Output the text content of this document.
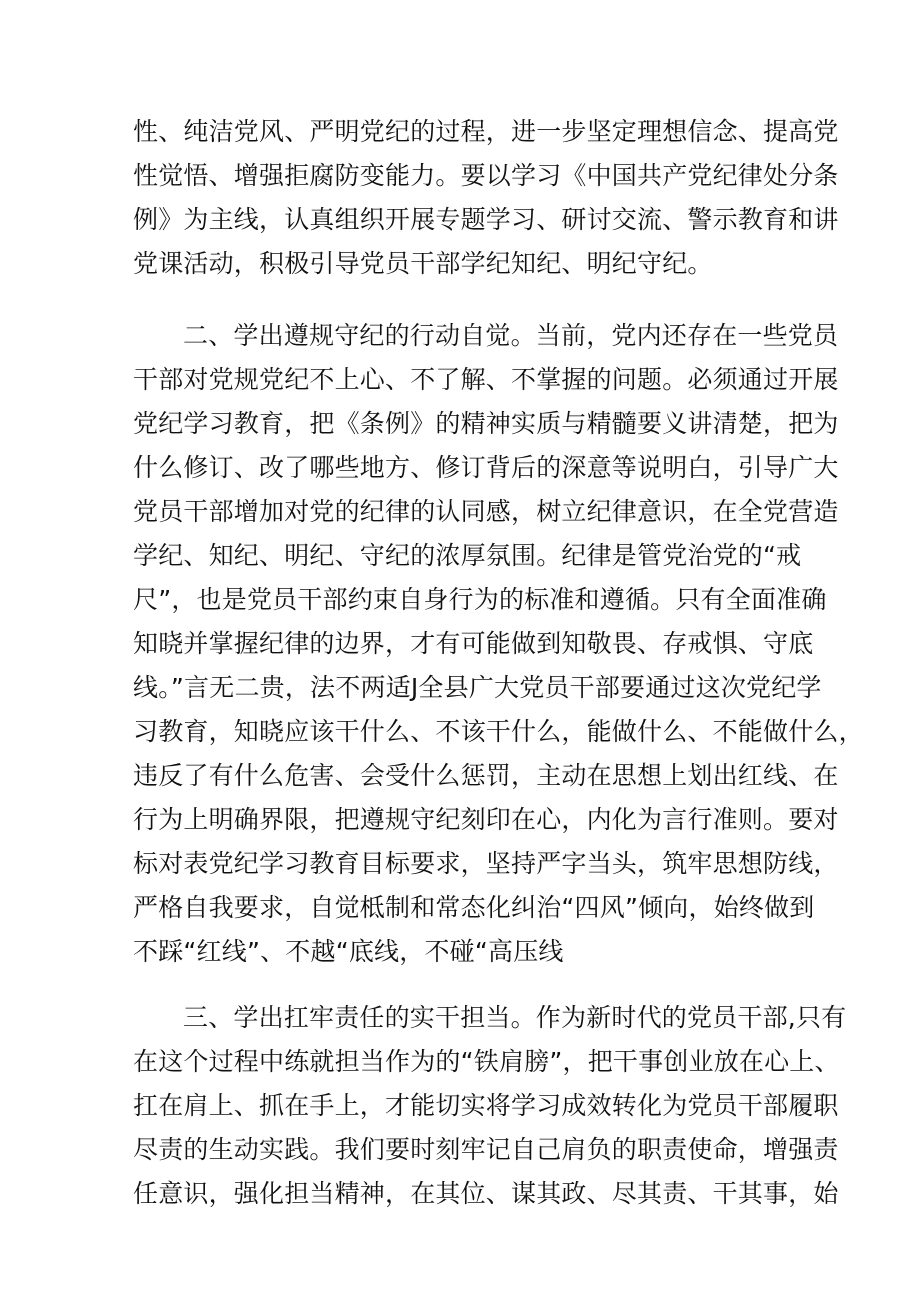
性、纯洁党风、严明党纪的过程，进一步坚定理想信念、提高党

性觉悟、增强拒腐防变能力。要以学习《中国共产党纪律处分条

例》为主线，认真组织开展专题学习、研讨交流、警示教育和讲

党课活动，积极引导党员干部学纪知纪、明纪守纪。

二、学出遵规守纪的行动自觉。当前，党内还存在一些党员

干部对党规党纪不上心、不了解、不掌握的问题。必须通过开展

党纪学习教育，把《条例》的精神实质与精髓要义讲清楚，把为

什么修订、改了哪些地方、修订背后的深意等说明白，引导广大

党员干部增加对党的纪律的认同感，树立纪律意识，在全党营造

学纪、知纪、明纪、守纪的浓厚氛围。纪律是管党治党的“戒

尺”，也是党员干部约束自身行为的标准和遵循。只有全面准确

知晓并掌握纪律的边界，才有可能做到知敬畏、存戒惧、守底

线。”言无二贵，法不两适J全县广大党员干部要通过这次党纪学

习教育，知晓应该干什么、不该干什么，能做什么、不能做什么，

违反了有什么危害、会受什么惩罚，主动在思想上划出红线、在

行为上明确界限，把遵规守纪刻印在心，内化为言行准则。要对

标对表党纪学习教育目标要求，坚持严字当头，筑牢思想防线，

严格自我要求，自觉柢制和常态化纠治“四风”倾向，始终做到

不踩“红线”、不越“底线，不碰“高压线

三、学出扛牢责任的实干担当。作为新时代的党员干部,只有

在这个过程中练就担当作为的“铁肩膀”，把干事创业放在心上、

扛在肩上、抓在手上，才能切实将学习成效转化为党员干部履职

尽责的生动实践。我们要时刻牢记自己肩负的职责使命，增强责

任意识，强化担当精神，在其位、谋其政、尽其责、干其事，始
